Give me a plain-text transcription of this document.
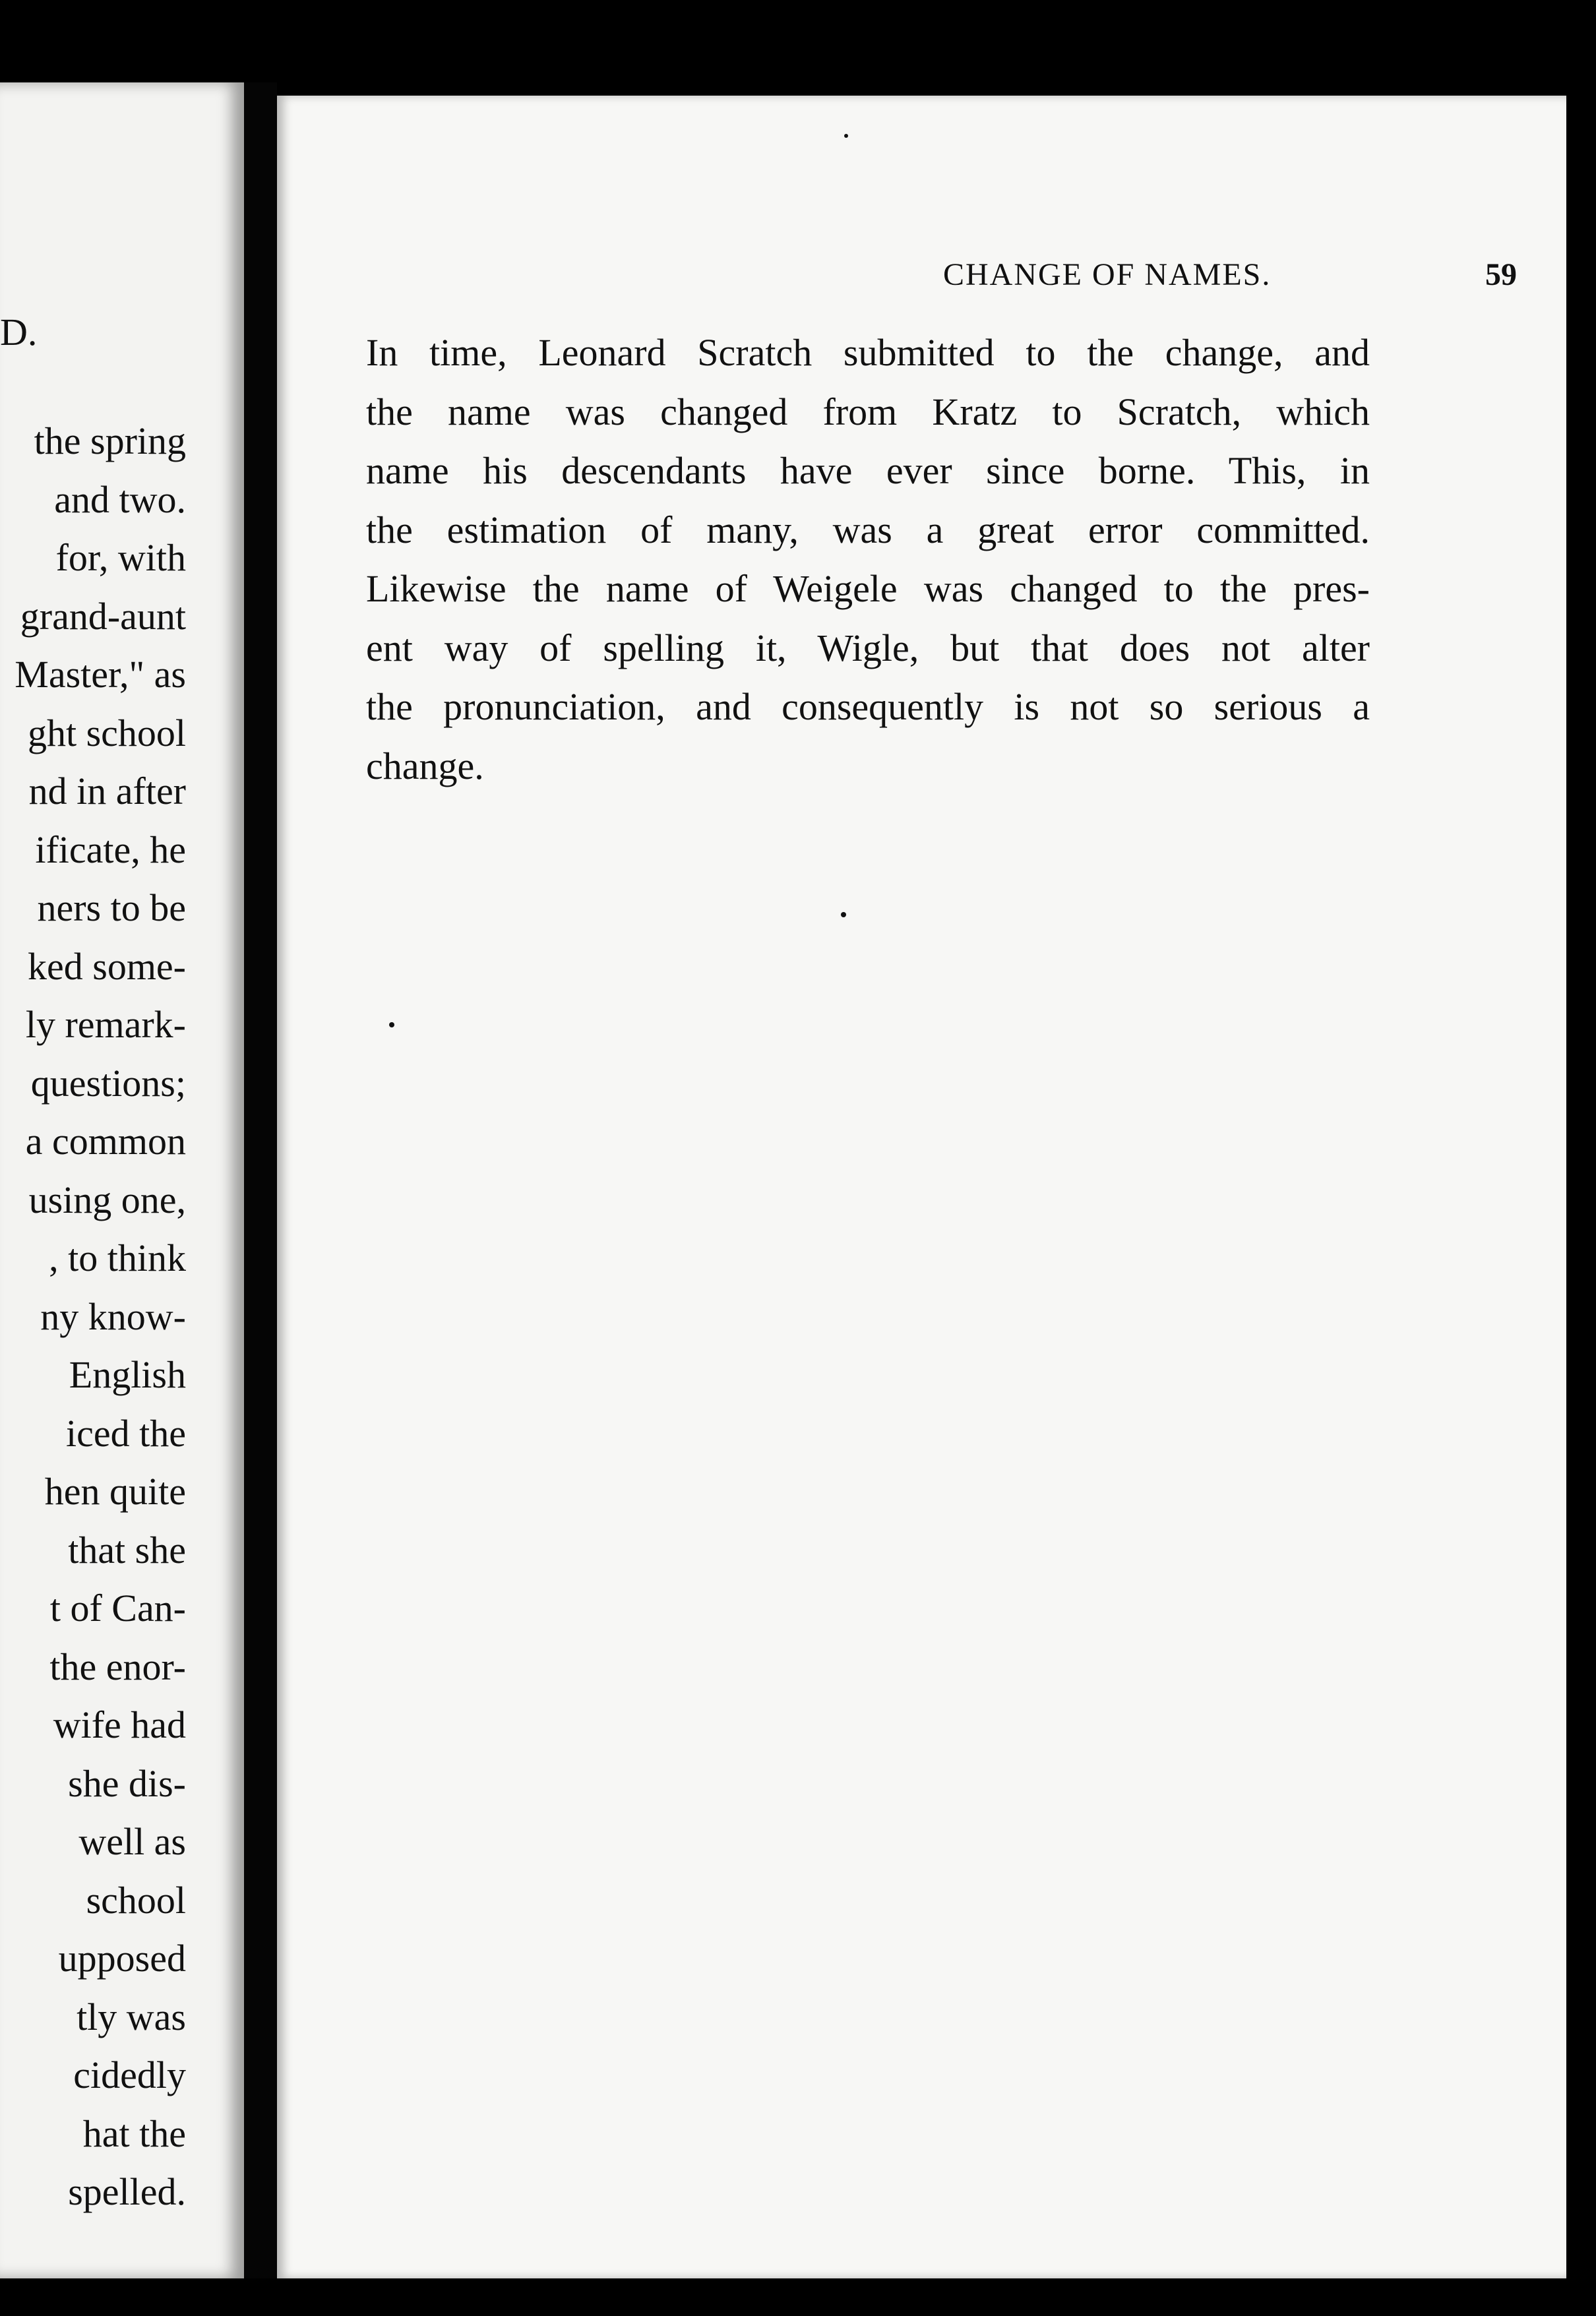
D.
the spring
and two.
for, with
grand-aunt
Master," as
ght school
nd in after
ificate, he
ners to be
ked some-
ly remark-
questions;
a common
using one,
, to think
ny know-
English
iced the
hen quite
that she
t of Can-
the enor-
wife had
she dis-
well as
school
upposed
tly was
cidedly
hat the
spelled.
CHANGE OF NAMES.	59
In time, Leonard Scratch submitted to the change, and
the name was changed from Kratz to Scratch, which
name his descendants have ever since borne. This, in
the estimation of many, was a great error committed.
Likewise the name of Weigele was changed to the pres-
ent way of spelling it, Wigle, but that does not alter
the pronunciation, and consequently is not so serious a
change.
